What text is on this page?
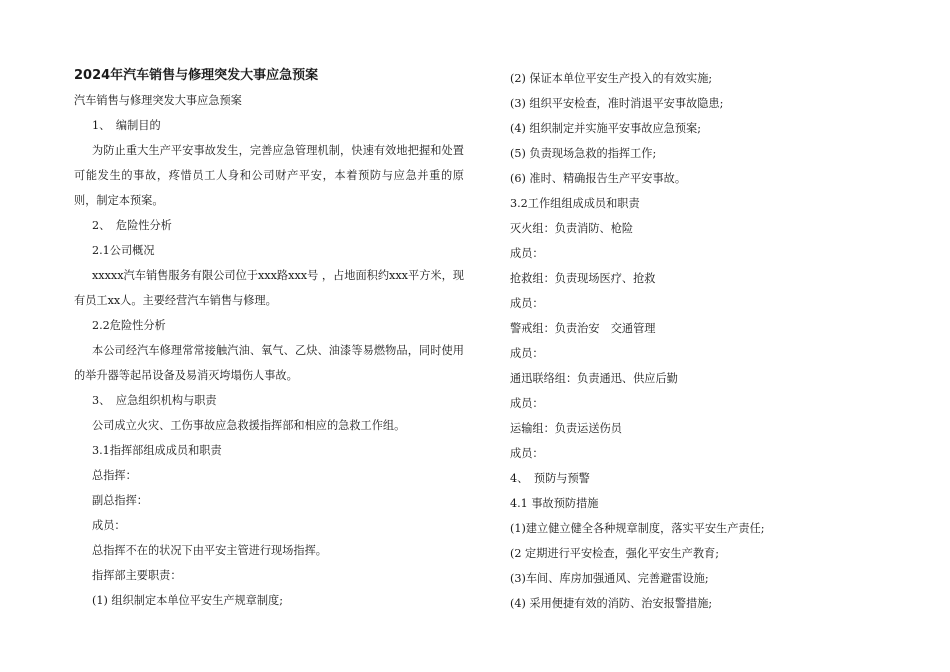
2024年汽车销售与修理突发大事应急预案
汽车销售与修理突发大事应急预案
1、　编制目的
为防止重大生产平安事故发生，完善应急管理机制，快速有效地把握和处置可能发生的事故，疼惜员工人身和公司财产平安，本着预防与应急并重的原则，制定本预案。
2、　危险性分析
2.1公司概况
xxxxx汽车销售服务有限公司位于xxx路xxx号 ，占地面积约xxx平方米，现有员工xx人。主要经营汽车销售与修理。
2.2危险性分析
本公司经汽车修理常常接触汽油、氧气、乙炔、油漆等易燃物品，同时使用的举升器等起吊设备及易消灭垮塌伤人事故。
3、　应急组织机构与职责
公司成立火灾、工伤事故应急救援指挥部和相应的急救工作组。
3.1指挥部组成成员和职责
总指挥：
副总指挥：
成员：
总指挥不在的状况下由平安主管进行现场指挥。
指挥部主要职责：
(1) 组织制定本单位平安生产规章制度;
(2) 保证本单位平安生产投入的有效实施;
(3) 组织平安检查，准时消退平安事故隐患;
(4) 组织制定并实施平安事故应急预案;
(5) 负责现场急救的指挥工作;
(6) 准时、精确报告生产平安事故。
3.2工作组组成成员和职责
灭火组：负责消防、枪险
成员：
抢救组：负责现场医疗、抢救
成员：
警戒组：负责治安　交通管理
成员：
通迅联络组：负责通迅、供应后勤
成员：
运输组：负责运送伤员
成员：
4、　预防与预警
4.1 事故预防措施
(1)建立健立健全各种规章制度，落实平安生产责任;
(2 定期进行平安检查，强化平安生产教育;
(3)车间、库房加强通风、完善避雷设施;
(4) 采用便捷有效的消防、治安报警措施;
